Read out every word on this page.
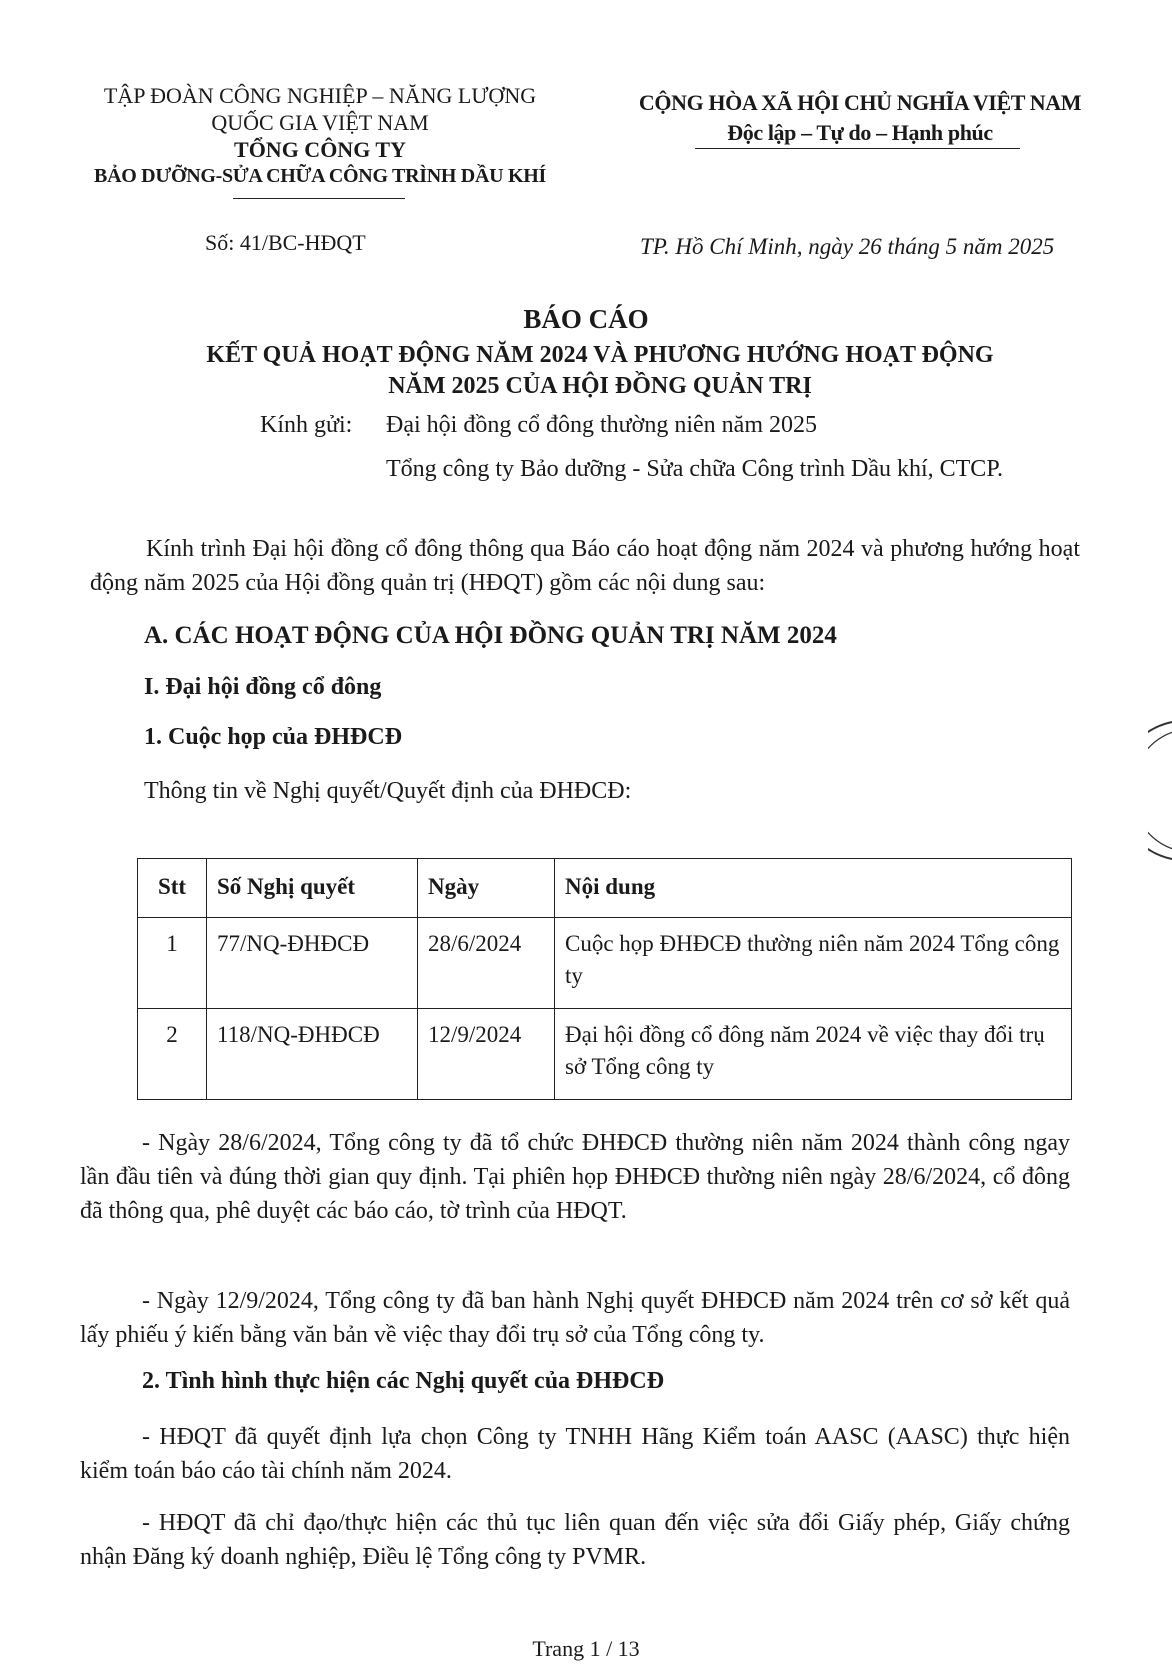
TẬP ĐOÀN CÔNG NGHIỆP – NĂNG LƯỢNG
QUỐC GIA VIỆT NAM
TỔNG CÔNG TY
BẢO DƯỠNG-SỬA CHỮA CÔNG TRÌNH DẦU KHÍ
CỘNG HÒA XÃ HỘI CHỦ NGHĨA VIỆT NAM
Độc lập – Tự do – Hạnh phúc
Số: 41/BC-HĐQT	TP. Hồ Chí Minh, ngày 26 tháng 5 năm 2025
BÁO CÁO
KẾT QUẢ HOẠT ĐỘNG NĂM 2024 VÀ PHƯƠNG HƯỚNG HOẠT ĐỘNG
NĂM 2025 CỦA HỘI ĐỒNG QUẢN TRỊ
Kính gửi: Đại hội đồng cổ đông thường niên năm 2025
Tổng công ty Bảo dưỡng - Sửa chữa Công trình Dầu khí, CTCP.
Kính trình Đại hội đồng cổ đông thông qua Báo cáo hoạt động năm 2024 và phương hướng hoạt động năm 2025 của Hội đồng quản trị (HĐQT) gồm các nội dung sau:
A. CÁC HOẠT ĐỘNG CỦA HỘI ĐỒNG QUẢN TRỊ NĂM 2024
I. Đại hội đồng cổ đông
1. Cuộc họp của ĐHĐCĐ
Thông tin về Nghị quyết/Quyết định của ĐHĐCĐ:
Stt	Số Nghị quyết	Ngày	Nội dung
1	77/NQ-ĐHĐCĐ	28/6/2024	Cuộc họp ĐHĐCĐ thường niên năm 2024 Tổng công ty
2	118/NQ-ĐHĐCĐ	12/9/2024	Đại hội đồng cổ đông năm 2024 về việc thay đổi trụ sở Tổng công ty
- Ngày 28/6/2024, Tổng công ty đã tổ chức ĐHĐCĐ thường niên năm 2024 thành công ngay lần đầu tiên và đúng thời gian quy định. Tại phiên họp ĐHĐCĐ thường niên ngày 28/6/2024, cổ đông đã thông qua, phê duyệt các báo cáo, tờ trình của HĐQT.
- Ngày 12/9/2024, Tổng công ty đã ban hành Nghị quyết ĐHĐCĐ năm 2024 trên cơ sở kết quả lấy phiếu ý kiến bằng văn bản về việc thay đổi trụ sở của Tổng công ty.
2. Tình hình thực hiện các Nghị quyết của ĐHĐCĐ
- HĐQT đã quyết định lựa chọn Công ty TNHH Hãng Kiểm toán AASC (AASC) thực hiện kiểm toán báo cáo tài chính năm 2024.
- HĐQT đã chỉ đạo/thực hiện các thủ tục liên quan đến việc sửa đổi Giấy phép, Giấy chứng nhận Đăng ký doanh nghiệp, Điều lệ Tổng công ty PVMR.
Trang 1 / 13
